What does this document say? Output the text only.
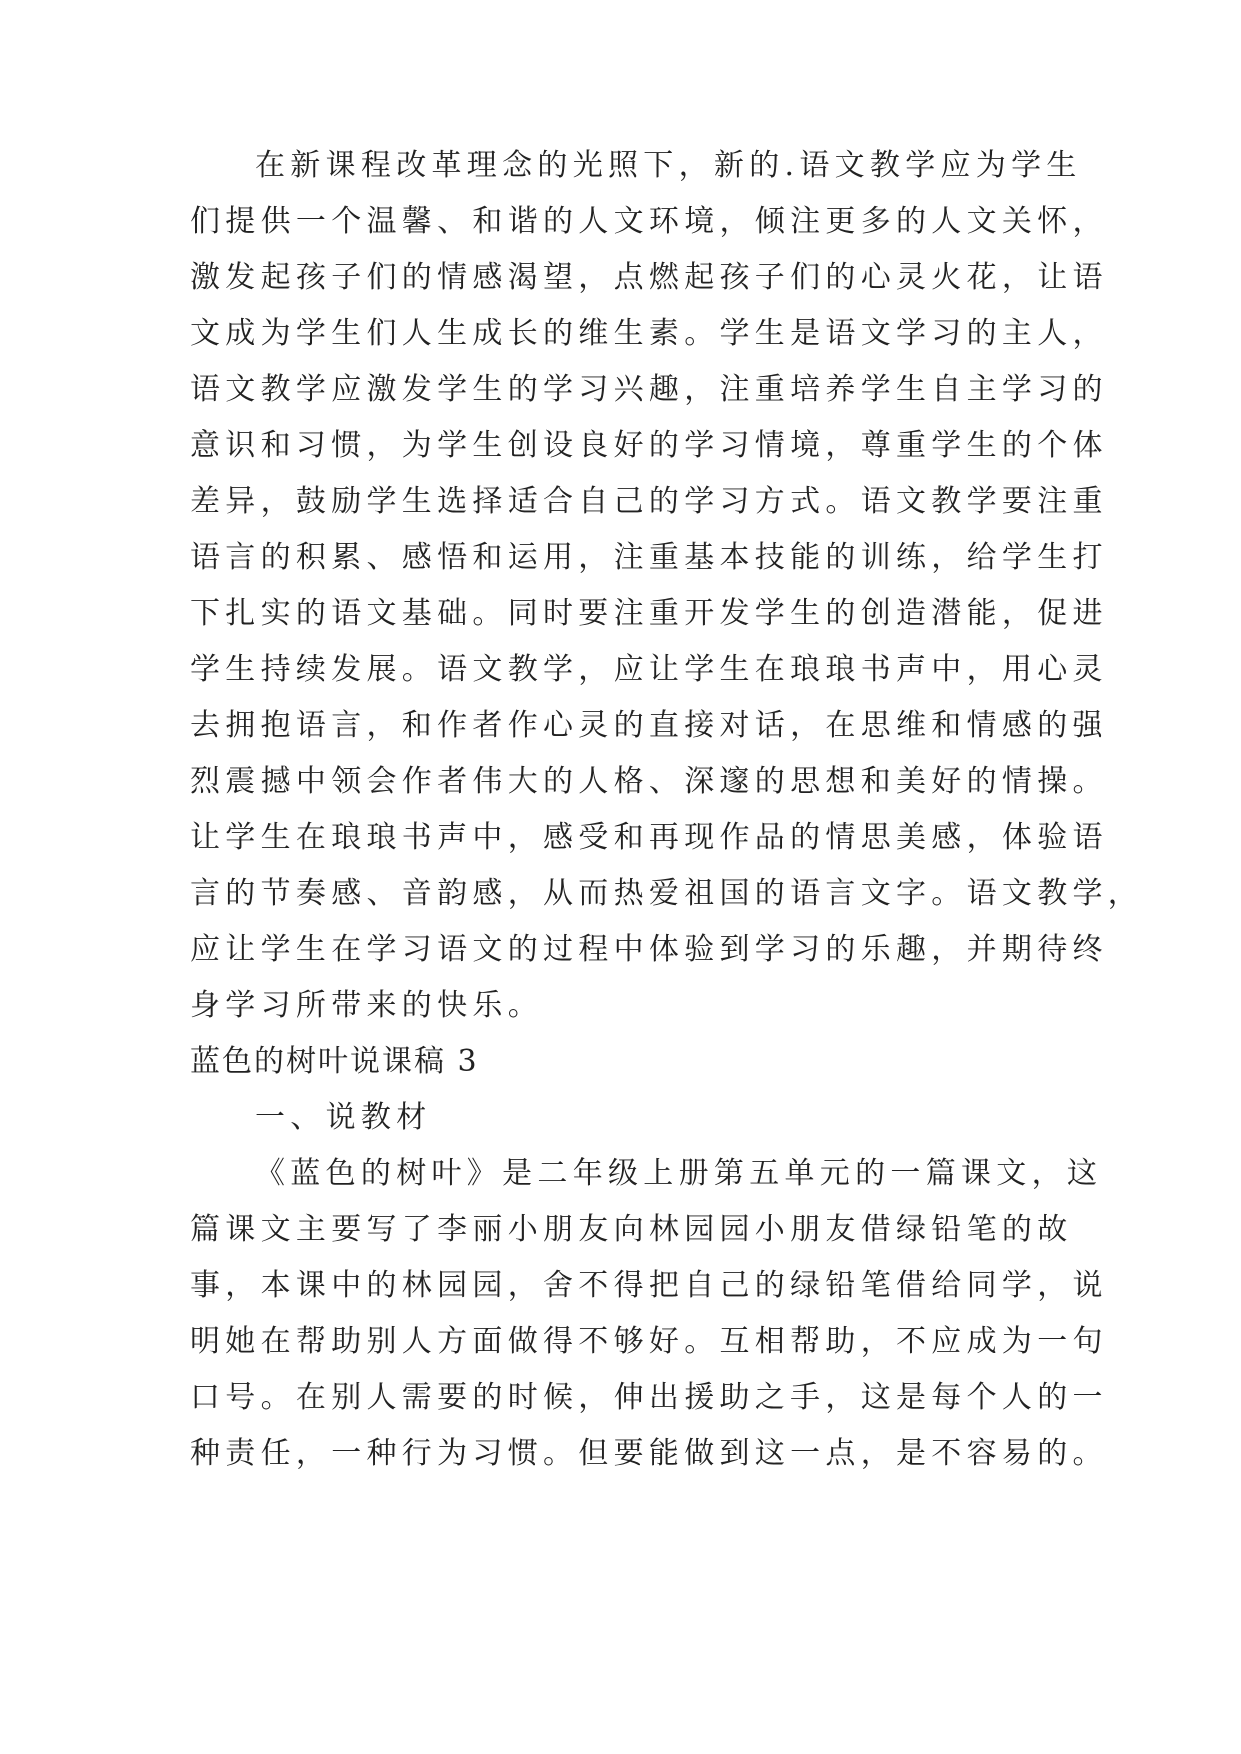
在新课程改革理念的光照下，新的.语文教学应为学生
们提供一个温馨、和谐的人文环境，倾注更多的人文关怀，
激发起孩子们的情感渴望，点燃起孩子们的心灵火花，让语
文成为学生们人生成长的维生素。学生是语文学习的主人，
语文教学应激发学生的学习兴趣，注重培养学生自主学习的
意识和习惯，为学生创设良好的学习情境，尊重学生的个体
差异，鼓励学生选择适合自己的学习方式。语文教学要注重
语言的积累、感悟和运用，注重基本技能的训练，给学生打
下扎实的语文基础。同时要注重开发学生的创造潜能，促进
学生持续发展。语文教学，应让学生在琅琅书声中，用心灵
去拥抱语言，和作者作心灵的直接对话，在思维和情感的强
烈震撼中领会作者伟大的人格、深邃的思想和美好的情操。
让学生在琅琅书声中，感受和再现作品的情思美感，体验语
言的节奏感、音韵感，从而热爱祖国的语言文字。语文教学，
应让学生在学习语文的过程中体验到学习的乐趣，并期待终
身学习所带来的快乐。
蓝色的树叶说课稿 3
一、说教材
《蓝色的树叶》是二年级上册第五单元的一篇课文，这
篇课文主要写了李丽小朋友向林园园小朋友借绿铅笔的故
事，本课中的林园园，舍不得把自己的绿铅笔借给同学，说
明她在帮助别人方面做得不够好。互相帮助，不应成为一句
口号。在别人需要的时候，伸出援助之手，这是每个人的一
种责任，一种行为习惯。但要能做到这一点，是不容易的。
